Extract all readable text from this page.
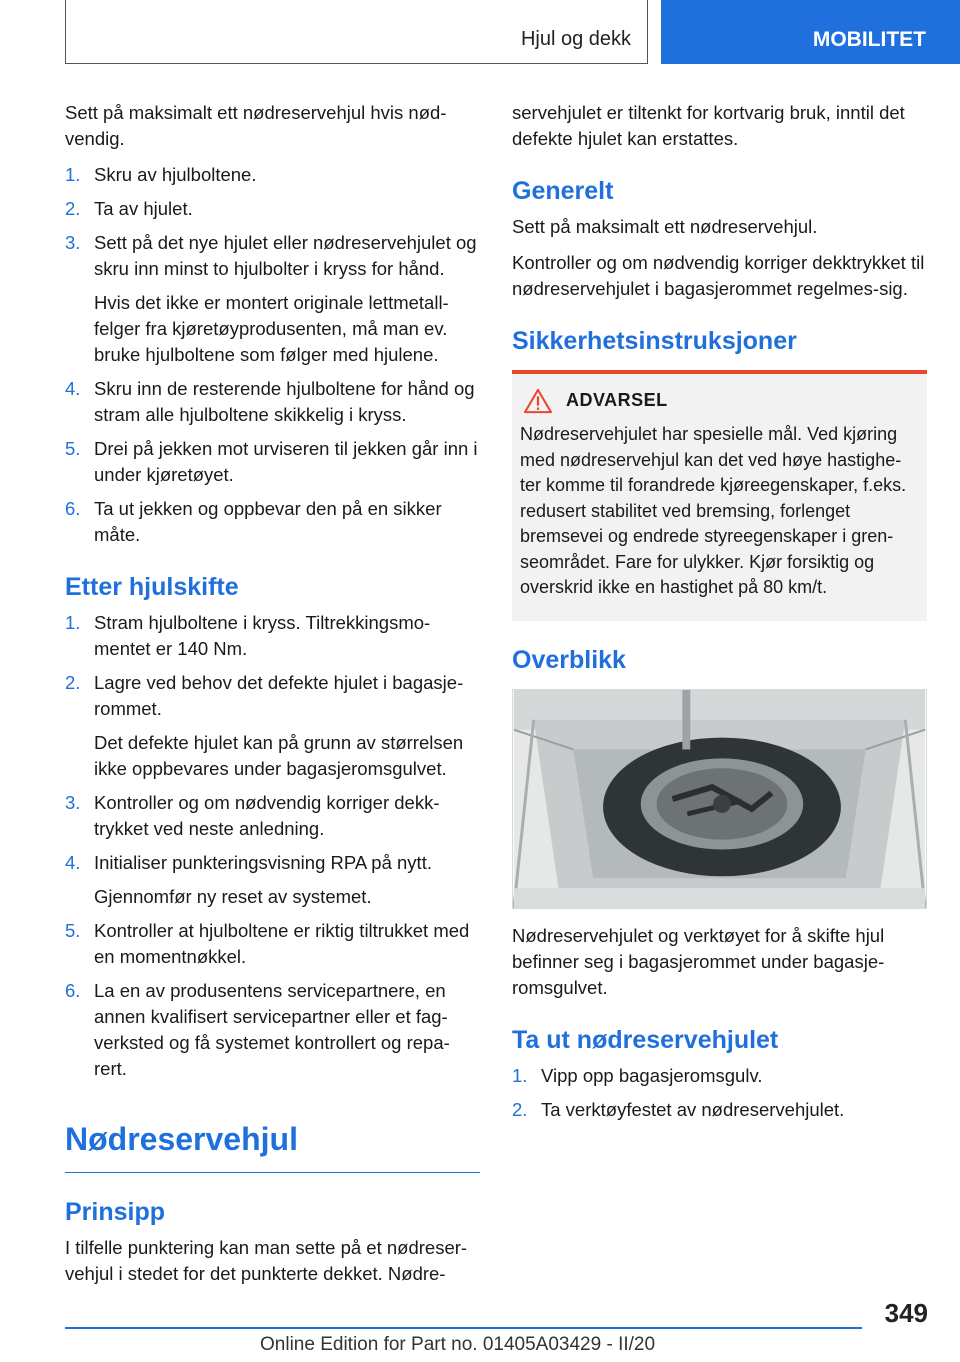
Hjul og dekk	MOBILITET

Sett på maksimalt ett nødreservehjul hvis nød-vendig.

1. Skru av hjulboltene.
2. Ta av hjulet.
3. Sett på det nye hjulet eller nødreservehjulet og skru inn minst to hjulbolter i kryss for hånd.
Hvis det ikke er montert originale lettmetall-felger fra kjøretøyprodusenten, må man ev. bruke hjulboltene som følger med hjulene.
4. Skru inn de resterende hjulboltene for hånd og stram alle hjulboltene skikkelig i kryss.
5. Drei på jekken mot urviseren til jekken går inn i under kjøretøyet.
6. Ta ut jekken og oppbevar den på en sikker måte.
Etter hjulskifte
1. Stram hjulboltene i kryss. Tiltrekkingsmo-mentet er 140 Nm.
2. Lagre ved behov det defekte hjulet i bagasje-rommet.
Det defekte hjulet kan på grunn av størrelsen ikke oppbevares under bagasjeromsgulvet.
3. Kontroller og om nødvendig korriger dekk-trykket ved neste anledning.
4. Initialiser punkteringsvisning RPA på nytt.
Gjennomfør ny reset av systemet.
5. Kontroller at hjulboltene er riktig tiltrukket med en momentnøkkel.
6. La en av produsentens servicepartnere, en annen kvalifisert servicepartner eller et fag-verksted og få systemet kontrollert og repa-rert.
Nødreservehjul
Prinsipp

I tilfelle punktering kan man sette på et nødreser-vehjul i stedet for det punkterte dekket. Nødre-

servehjulet er tiltenkt for kortvarig bruk, inntil det defekte hjulet kan erstattes.

Generelt

Sett på maksimalt ett nødreservehjul.

Kontroller og om nødvendig korriger dekktrykket til nødreservehjulet i bagasjerommet regelmes-sig.

Sikkerhetsinstruksjoner
ADVARSEL
Nødreservehjulet har spesielle mål. Ved kjøring med nødreservehjul kan det ved høye hastighe-ter komme til forandrede kjøreegenskaper, f.eks. redusert stabilitet ved bremsing, forlenget bremsevei og endrede styreegenskaper i gren-seområdet. Fare for ulykker. Kjør forsiktig og overskrid ikke en hastighet på 80 km/t.
Overblikk

Nødreservehjulet og verktøyet for å skifte hjul befinner seg i bagasjerommet under bagasje-romsgulvet.

Ta ut nødreservehjulet
1. Vipp opp bagasjeromsgulv.
2. Ta verktøyfestet av nødreservehjulet.
349
Online Edition for Part no. 01405A03429 - II/20
